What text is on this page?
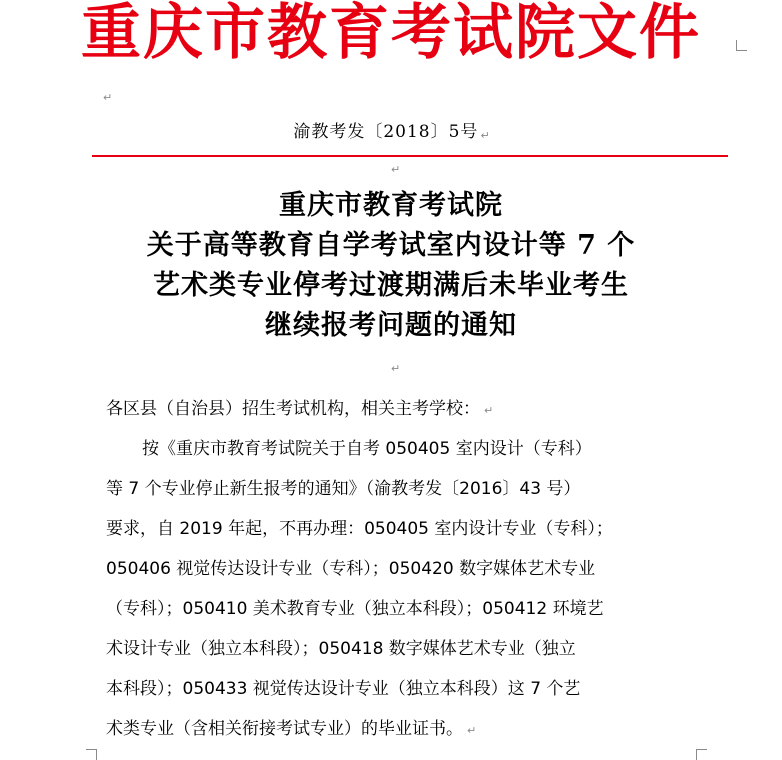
重庆市教育考试院文件
↵
渝教考发〔2018〕5号 ↵
↵
重庆市教育考试院
关于高等教育自学考试室内设计等 7 个
艺术类专业停考过渡期满后未毕业考生
继续报考问题的通知
↵
各区县（自治县）招生考试机构，相关主考学校： ↵
按《重庆市教育考试院关于自考 050405 室内设计（专科）
等 7 个专业停止新生报考的通知》（渝教考发〔2016〕43 号）
要求，自 2019 年起，不再办理：050405 室内设计专业（专科）；
050406 视觉传达设计专业（专科）；050420 数字媒体艺术专业
（专科）；050410 美术教育专业（独立本科段）；050412 环境艺
术设计专业（独立本科段）；050418 数字媒体艺术专业（独立
本科段）；050433 视觉传达设计专业（独立本科段）这 7 个艺
术类专业（含相关衔接考试专业）的毕业证书。 ↵
